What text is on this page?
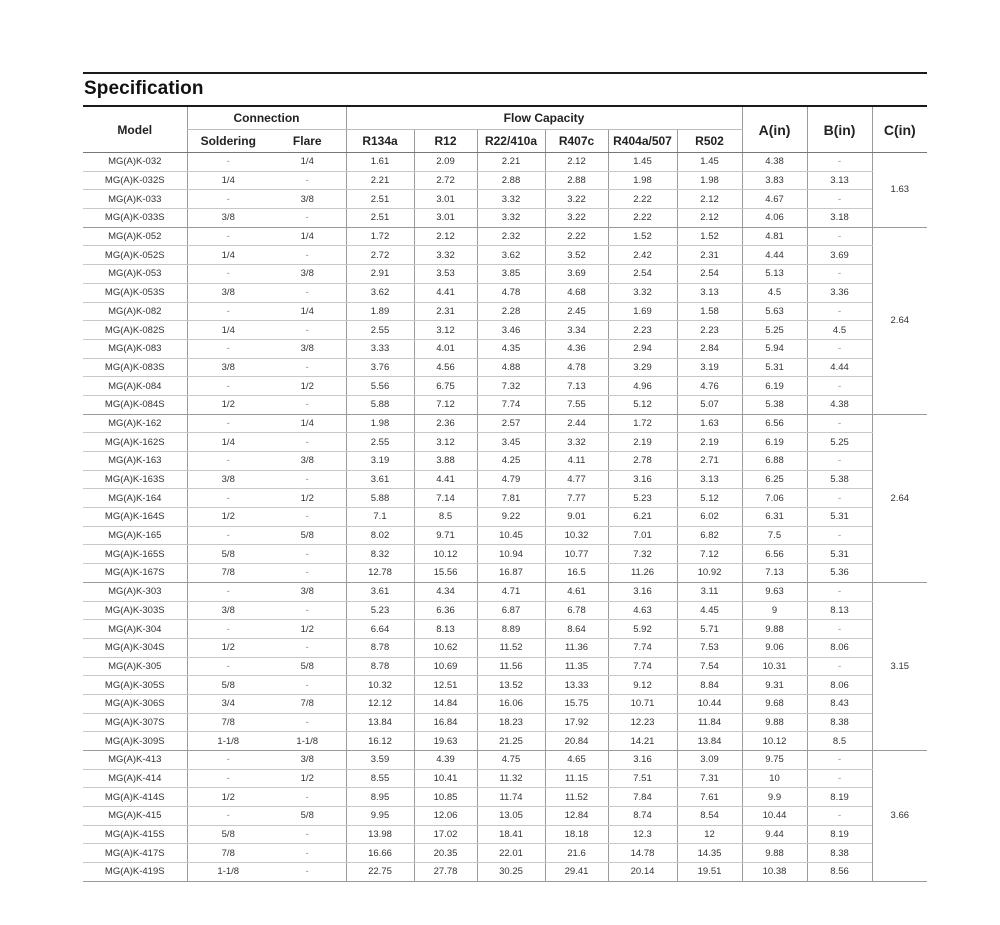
Specification
Model	Connection		Flow Capacity						A(in)	B(in)	C(in)
	Soldering	Flare	R134a	R12	R22/410a	R407c	R404a/507	R502			
MG(A)K-032	-	1/4	1.61	2.09	2.21	2.12	1.45	1.45	4.38	-	1.63
MG(A)K-032S	1/4	-	2.21	2.72	2.88	2.88	1.98	1.98	3.83	3.13	
MG(A)K-033	-	3/8	2.51	3.01	3.32	3.22	2.22	2.12	4.67	-	
MG(A)K-033S	3/8	-	2.51	3.01	3.32	3.22	2.22	2.12	4.06	3.18	
MG(A)K-052	-	1/4	1.72	2.12	2.32	2.22	1.52	1.52	4.81	-	2.64
MG(A)K-052S	1/4	-	2.72	3.32	3.62	3.52	2.42	2.31	4.44	3.69	
MG(A)K-053	-	3/8	2.91	3.53	3.85	3.69	2.54	2.54	5.13	-	
MG(A)K-053S	3/8	-	3.62	4.41	4.78	4.68	3.32	3.13	4.5	3.36	
MG(A)K-082	-	1/4	1.89	2.31	2.28	2.45	1.69	1.58	5.63	-	
MG(A)K-082S	1/4	-	2.55	3.12	3.46	3.34	2.23	2.23	5.25	4.5	
MG(A)K-083	-	3/8	3.33	4.01	4.35	4.36	2.94	2.84	5.94	-	
MG(A)K-083S	3/8	-	3.76	4.56	4.88	4.78	3.29	3.19	5.31	4.44	
MG(A)K-084	-	1/2	5.56	6.75	7.32	7.13	4.96	4.76	6.19	-	
MG(A)K-084S	1/2	-	5.88	7.12	7.74	7.55	5.12	5.07	5.38	4.38	
MG(A)K-162	-	1/4	1.98	2.36	2.57	2.44	1.72	1.63	6.56	-	2.64
MG(A)K-162S	1/4	-	2.55	3.12	3.45	3.32	2.19	2.19	6.19	5.25	
MG(A)K-163	-	3/8	3.19	3.88	4.25	4.11	2.78	2.71	6.88	-	
MG(A)K-163S	3/8	-	3.61	4.41	4.79	4.77	3.16	3.13	6.25	5.38	
MG(A)K-164	-	1/2	5.88	7.14	7.81	7.77	5.23	5.12	7.06	-	
MG(A)K-164S	1/2	-	7.1	8.5	9.22	9.01	6.21	6.02	6.31	5.31	
MG(A)K-165	-	5/8	8.02	9.71	10.45	10.32	7.01	6.82	7.5	-	
MG(A)K-165S	5/8	-	8.32	10.12	10.94	10.77	7.32	7.12	6.56	5.31	
MG(A)K-167S	7/8	-	12.78	15.56	16.87	16.5	11.26	10.92	7.13	5.36	
MG(A)K-303	-	3/8	3.61	4.34	4.71	4.61	3.16	3.11	9.63	-	3.15
MG(A)K-303S	3/8	-	5.23	6.36	6.87	6.78	4.63	4.45	9	8.13	
MG(A)K-304	-	1/2	6.64	8.13	8.89	8.64	5.92	5.71	9.88	-	
MG(A)K-304S	1/2	-	8.78	10.62	11.52	11.36	7.74	7.53	9.06	8.06	
MG(A)K-305	-	5/8	8.78	10.69	11.56	11.35	7.74	7.54	10.31	-	
MG(A)K-305S	5/8	-	10.32	12.51	13.52	13.33	9.12	8.84	9.31	8.06	
MG(A)K-306S	3/4	7/8	12.12	14.84	16.06	15.75	10.71	10.44	9.68	8.43	
MG(A)K-307S	7/8	-	13.84	16.84	18.23	17.92	12.23	11.84	9.88	8.38	
MG(A)K-309S	1-1/8	1-1/8	16.12	19.63	21.25	20.84	14.21	13.84	10.12	8.5	
MG(A)K-413	-	3/8	3.59	4.39	4.75	4.65	3.16	3.09	9.75	-	3.66
MG(A)K-414	-	1/2	8.55	10.41	11.32	11.15	7.51	7.31	10	-	
MG(A)K-414S	1/2	-	8.95	10.85	11.74	11.52	7.84	7.61	9.9	8.19	
MG(A)K-415	-	5/8	9.95	12.06	13.05	12.84	8.74	8.54	10.44	-	
MG(A)K-415S	5/8	-	13.98	17.02	18.41	18.18	12.3	12	9.44	8.19	
MG(A)K-417S	7/8	-	16.66	20.35	22.01	21.6	14.78	14.35	9.88	8.38	
MG(A)K-419S	1-1/8	-	22.75	27.78	30.25	29.41	20.14	19.51	10.38	8.56	
